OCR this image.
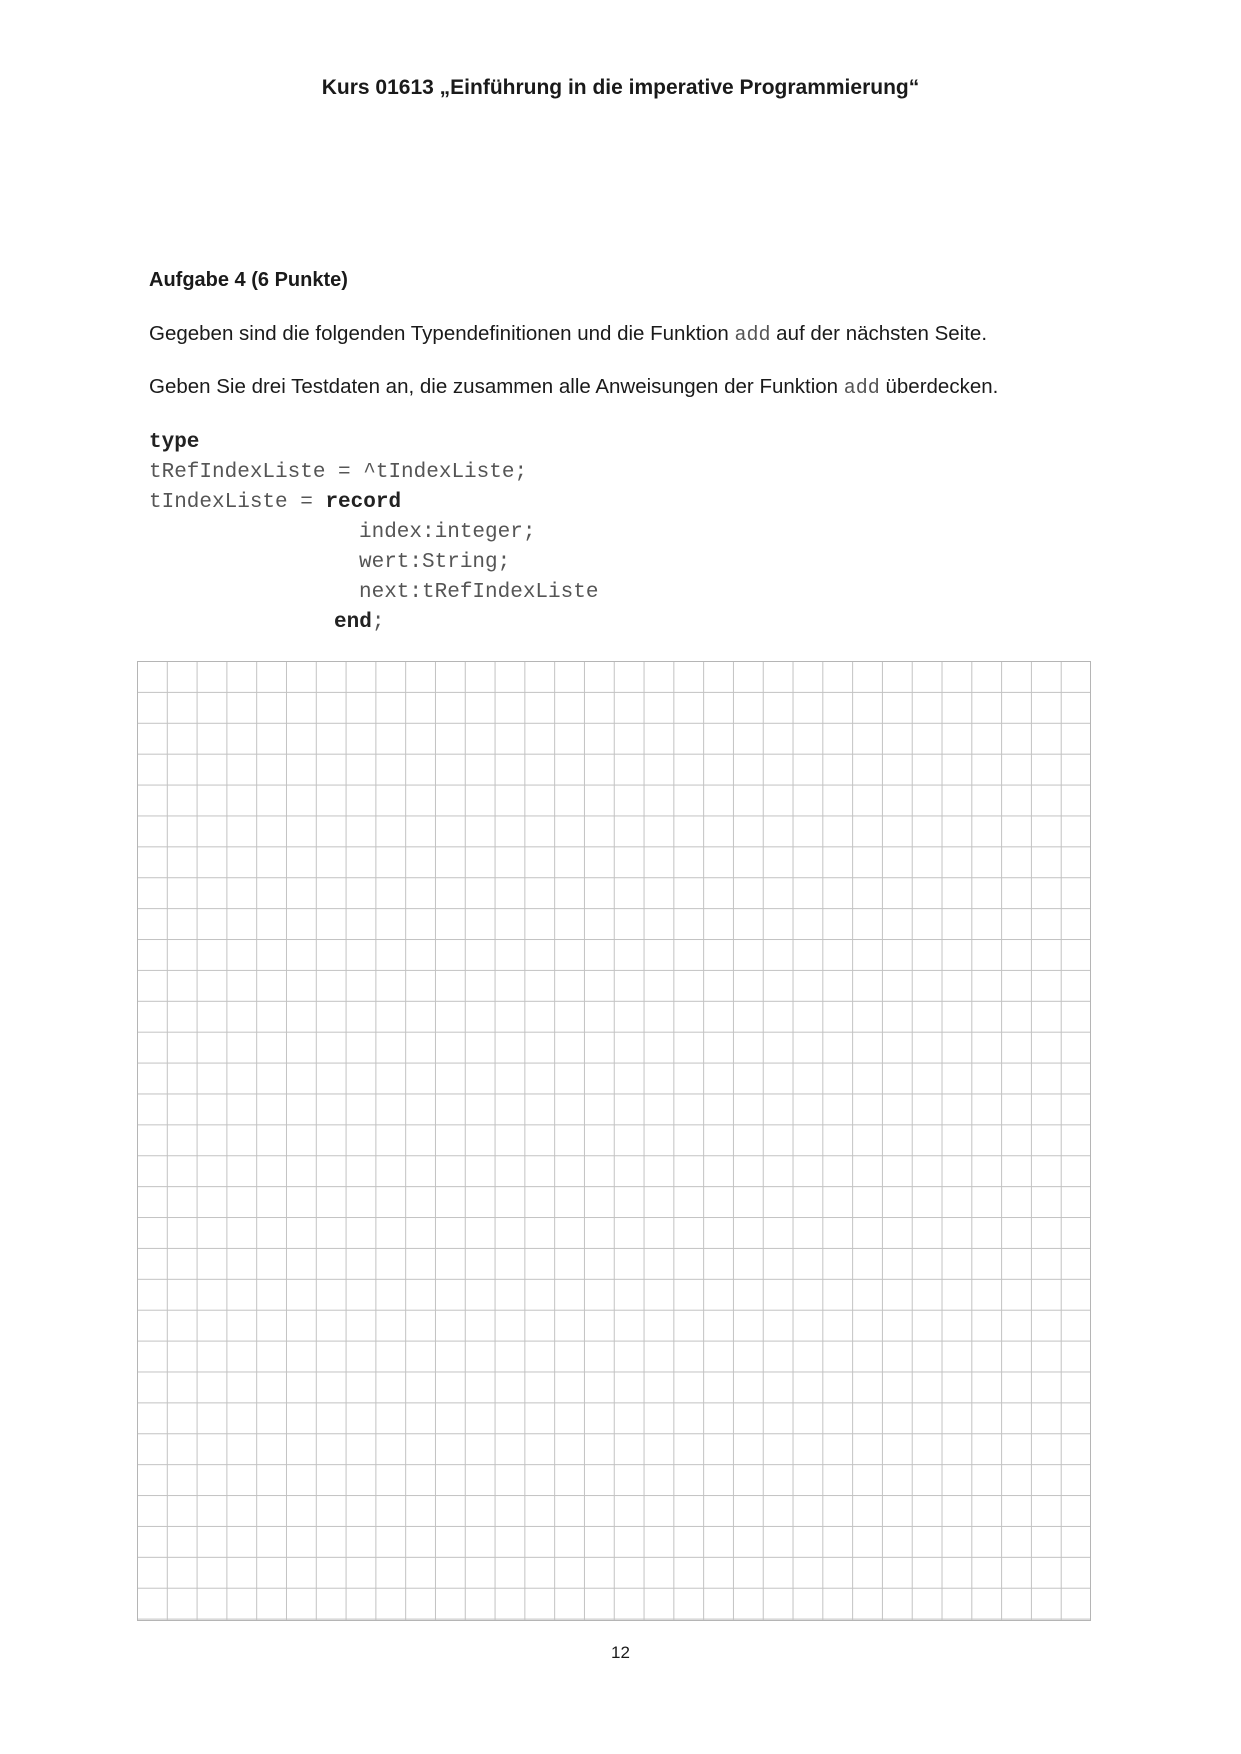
Kurs 01613 „Einführung in die imperative Programmierung“
Aufgabe 4 (6 Punkte)

Gegeben sind die folgenden Typendefinitionen und die Funktion add auf der nächsten Seite.

Geben Sie drei Testdaten an, die zusammen alle Anweisungen der Funktion add überdecken.

type
tRefIndexListe = ^tIndexListe;
tIndexListe = record
index:integer;
wert:String;
next:tRefIndexListe
end;

12
